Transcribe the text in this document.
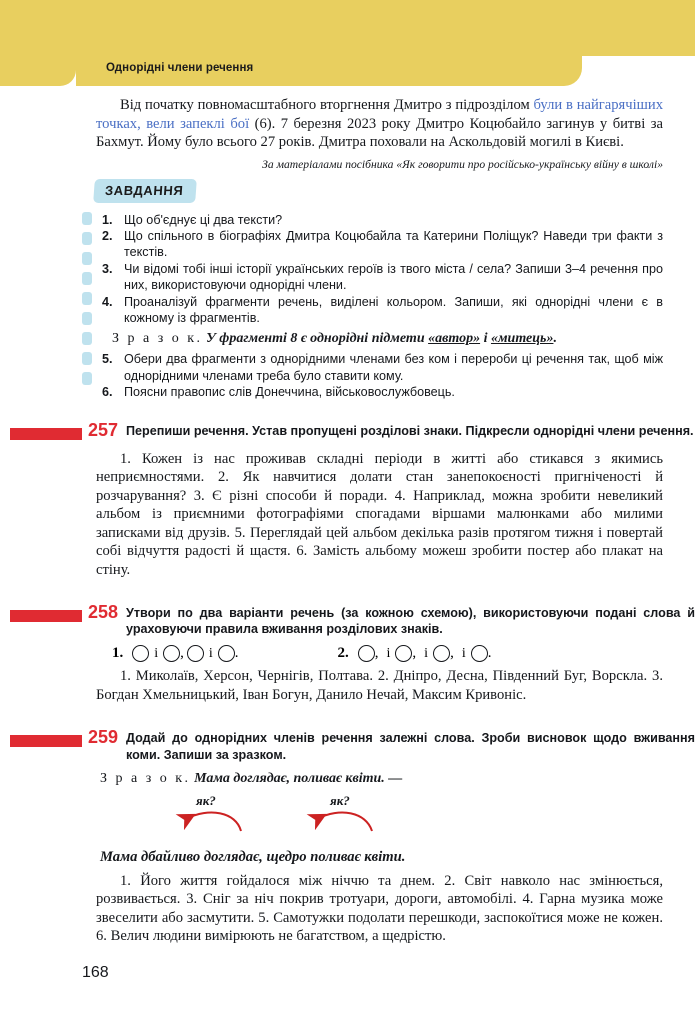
Однорідні члени речення

Від початку повномасштабного вторгнення Дмитро з підрозділом були в найгарячіших точках, вели запеклі бої (6). 7 березня 2023 року Дмитро Коцюбайло загинув у битві за Бахмут. Йому було всього 27 років. Дмитра поховали на Аскольдовій могилі в Києві.

За матеріалами посібника «Як говорити про російсько-українську війну в школі»

ЗАВДАННЯ
1. Що об'єднує ці два тексти?
2. Що спільного в біографіях Дмитра Коцюбайла та Катерини Поліщук? Наведи три факти з текстів.
3. Чи відомі тобі інші історії українських героїв із твого міста / села? Запиши 3–4 речення про них, використовуючи однорідні члени.
4. Проаналізуй фрагменти речень, виділені кольором. Запиши, які однорідні члени є в кожному із фрагментів.
З р а з о к. У фрагменті 8 є однорідні підмети «автор» і «митець».
5. Обери два фрагменти з однорідними членами без ком і перероби ці речення так, щоб між однорідними членами треба було ставити кому.
6. Поясни правопис слів Донеччина, військовослужбовець.
257 Перепиши речення. Устав пропущені розділові знаки. Підкресли однорідні члени речення.

1. Кожен із нас проживав складні періоди в житті або стикався з якимись неприємностями. 2. Як навчитися долати стан занепокоєності пригніченості й розчарування? 3. Є різні способи й поради. 4. Наприклад, можна зробити невеликий альбом із приємними фотографіями спогадами віршами малюнками або милими записками від друзів. 5. Переглядай цей альбом декілька разів протягом тижня і повертай собі відчуття радості й щастя. 6. Замість альбому можеш зробити постер або плакат на стіну.

258 Утвори по два варіанти речень (за кожною схемою), використовуючи подані слова й ураховуючи правила вживання розділових знаків.

1. і , і .	2. , і , і , і .

1. Миколаїв, Херсон, Чернігів, Полтава. 2. Дніпро, Десна, Південний Буг, Ворскла. 3. Богдан Хмельницький, Іван Богун, Данило Нечай, Максим Кривоніс.

259 Додай до однорідних членів речення залежні слова. Зроби висновок щодо вживання коми. Запиши за зразком.

З р а з о к. Мама доглядає, поливає квіти. —
як?	як?

Мама дбайливо доглядає, щедро поливає квіти.

1. Його життя гойдалося між ніччю та днем. 2. Світ навколо нас змінюється, розвивається. 3. Сніг за ніч покрив тротуари, дороги, автомобілі. 4. Гарна музика може звеселити або засмутити. 5. Самотужки подолати перешкоди, заспокоїтися може не кожен. 6. Велич людини вимірюють не багатством, а щедрістю.

168
